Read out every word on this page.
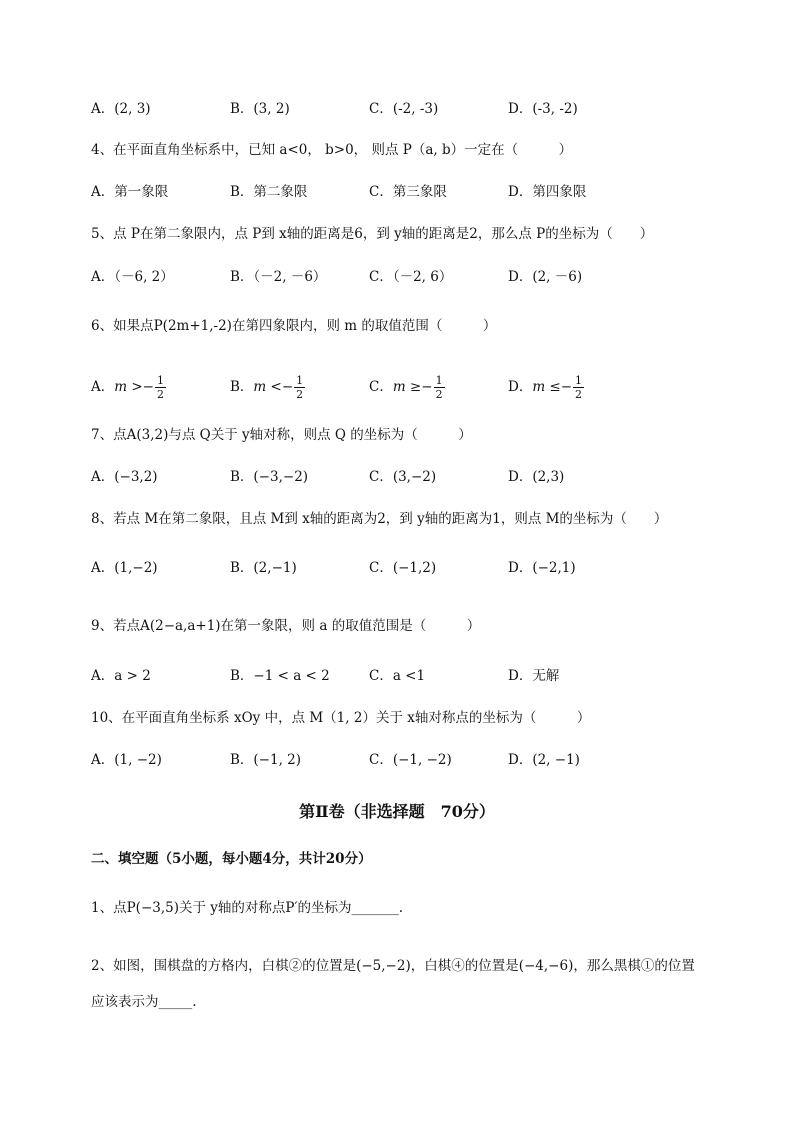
A．(2, 3)	B．(3, 2)	C．(-2, -3)	D．(-3, -2)
4、在平面直角坐标系中，已知 a<0， b>0， 则点 P（a, b）一定在（　　　）
A．第一象限	B．第二象限	C．第三象限	D．第四象限
5、点 P在第二象限内，点 P到 x轴的距离是6，到 y轴的距离是2，那么点 P的坐标为（　　）
A．（－6, 2）	B．（－2, －6）	C．（－2, 6）	D．(2, －6)
6、如果点P(2m+1,-2)在第四象限内，则 m 的取值范围（　　　）
A．$m >- \frac{1}{2}$	B．$m <- \frac{1}{2}$	C．$m \ge- \frac{1}{2}$	D．$m \le- \frac{1}{2}$
7、点A(3,2)与点 Q关于 y轴对称，则点 Q 的坐标为（　　　）
A．(−3,2)	B．(−3,−2)	C．(3,−2)	D．(2,3)
8、若点 M在第二象限，且点 M到 x轴的距离为2，到 y轴的距离为1，则点 M的坐标为（　　）
A．(1,−2)	B．(2,−1)	C．(−1,2)	D．(−2,1)
9、若点A(2−a,a+1)在第一象限，则 a 的取值范围是（　　　）
A．a > 2	B．−1 < a < 2	C．a <1	D．无解
10、在平面直角坐标系 xOy 中，点 M（1, 2）关于 x轴对称点的坐标为（　　　）
A．(1, −2)	B．(−1, 2)	C．(−1, −2)	D．(2, −1)
第Ⅱ卷（非选择题　70分）
二、填空题（5小题，每小题4分，共计20分）
1、点P(−3,5)关于 y轴的对称点P′的坐标为_______.
2、如图，围棋盘的方格内，白棋②的位置是(−5,−2)，白棋④的位置是(−4,−6)，那么黑棋①的位置
应该表示为_____.
